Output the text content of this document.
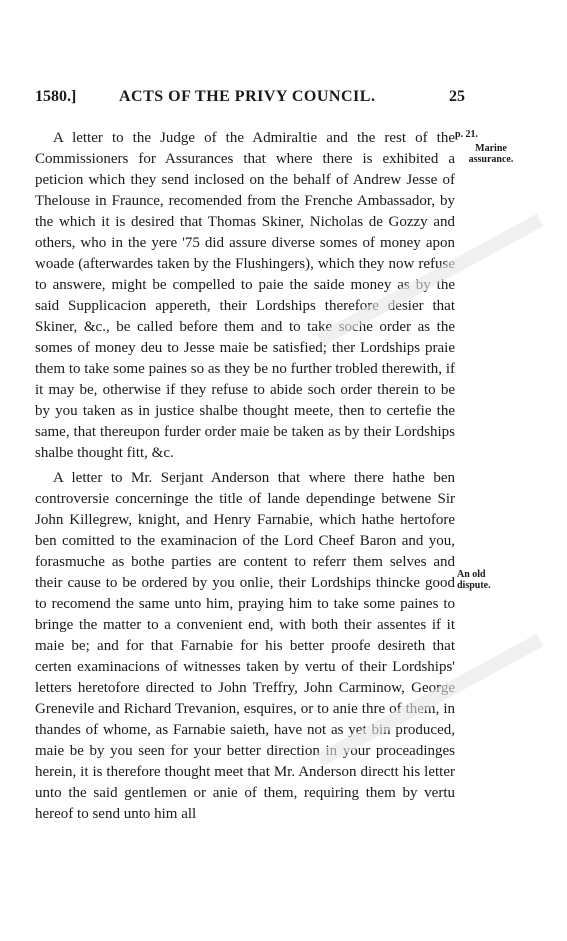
1580.]	ACTS OF THE PRIVY COUNCIL.	25

A letter to the Judge of the Admiraltie and the rest of the Commissioners for Assurances that where there is exhibited a peticion which they send inclosed on the behalf of Andrew Jesse of Thelouse in Fraunce, recomended from the Frenche Ambassador, by the which it is desired that Thomas Skiner, Nicholas de Gozzy and others, who in the yere '75 did assure diverse somes of money apon woade (afterwardes taken by the Flushingers), which they now refuse to answere, might be compelled to paie the saide money as by the said Supplicacion appereth, their Lordships therefore desier that Skiner, &c., be called before them and to take soche order as the somes of money deu to Jesse maie be satisfied; ther Lordships praie them to take some paines so as they be no further trobled therewith, if it may be, otherwise if they refuse to abide soch order therein to be by you taken as in justice shalbe thought meete, then to certefie the same, that thereupon furder order maie be taken as by their Lordships shalbe thought fitt, &c.

A letter to Mr. Serjant Anderson that where there hathe ben controversie concerninge the title of lande dependinge betwene Sir John Killegrew, knight, and Henry Farnabie, which hathe hertofore ben comitted to the examinacion of the Lord Cheef Baron and you, forasmuche as bothe parties are content to referr them selves and their cause to be ordered by you onlie, their Lordships thincke good to recomend the same unto him, praying him to take some paines to bringe the matter to a convenient end, with both their assentes if it maie be; and for that Farnabie for his better proofe desireth that certen examinacions of witnesses taken by vertu of their Lordships' letters heretofore directed to John Treffry, John Carminow, George Grenevile and Richard Trevanion, esquires, or to anie thre of them, in thandes of whome, as Farnabie saieth, have not as yet bin produced, maie be by you seen for your better direction in your proceadinges herein, it is therefore thought meet that Mr. Anderson directt his letter unto the said gentlemen or anie of them, requiring them by vertu hereof to send unto him all

p. 21.
Marine assurance.
An old dispute.
